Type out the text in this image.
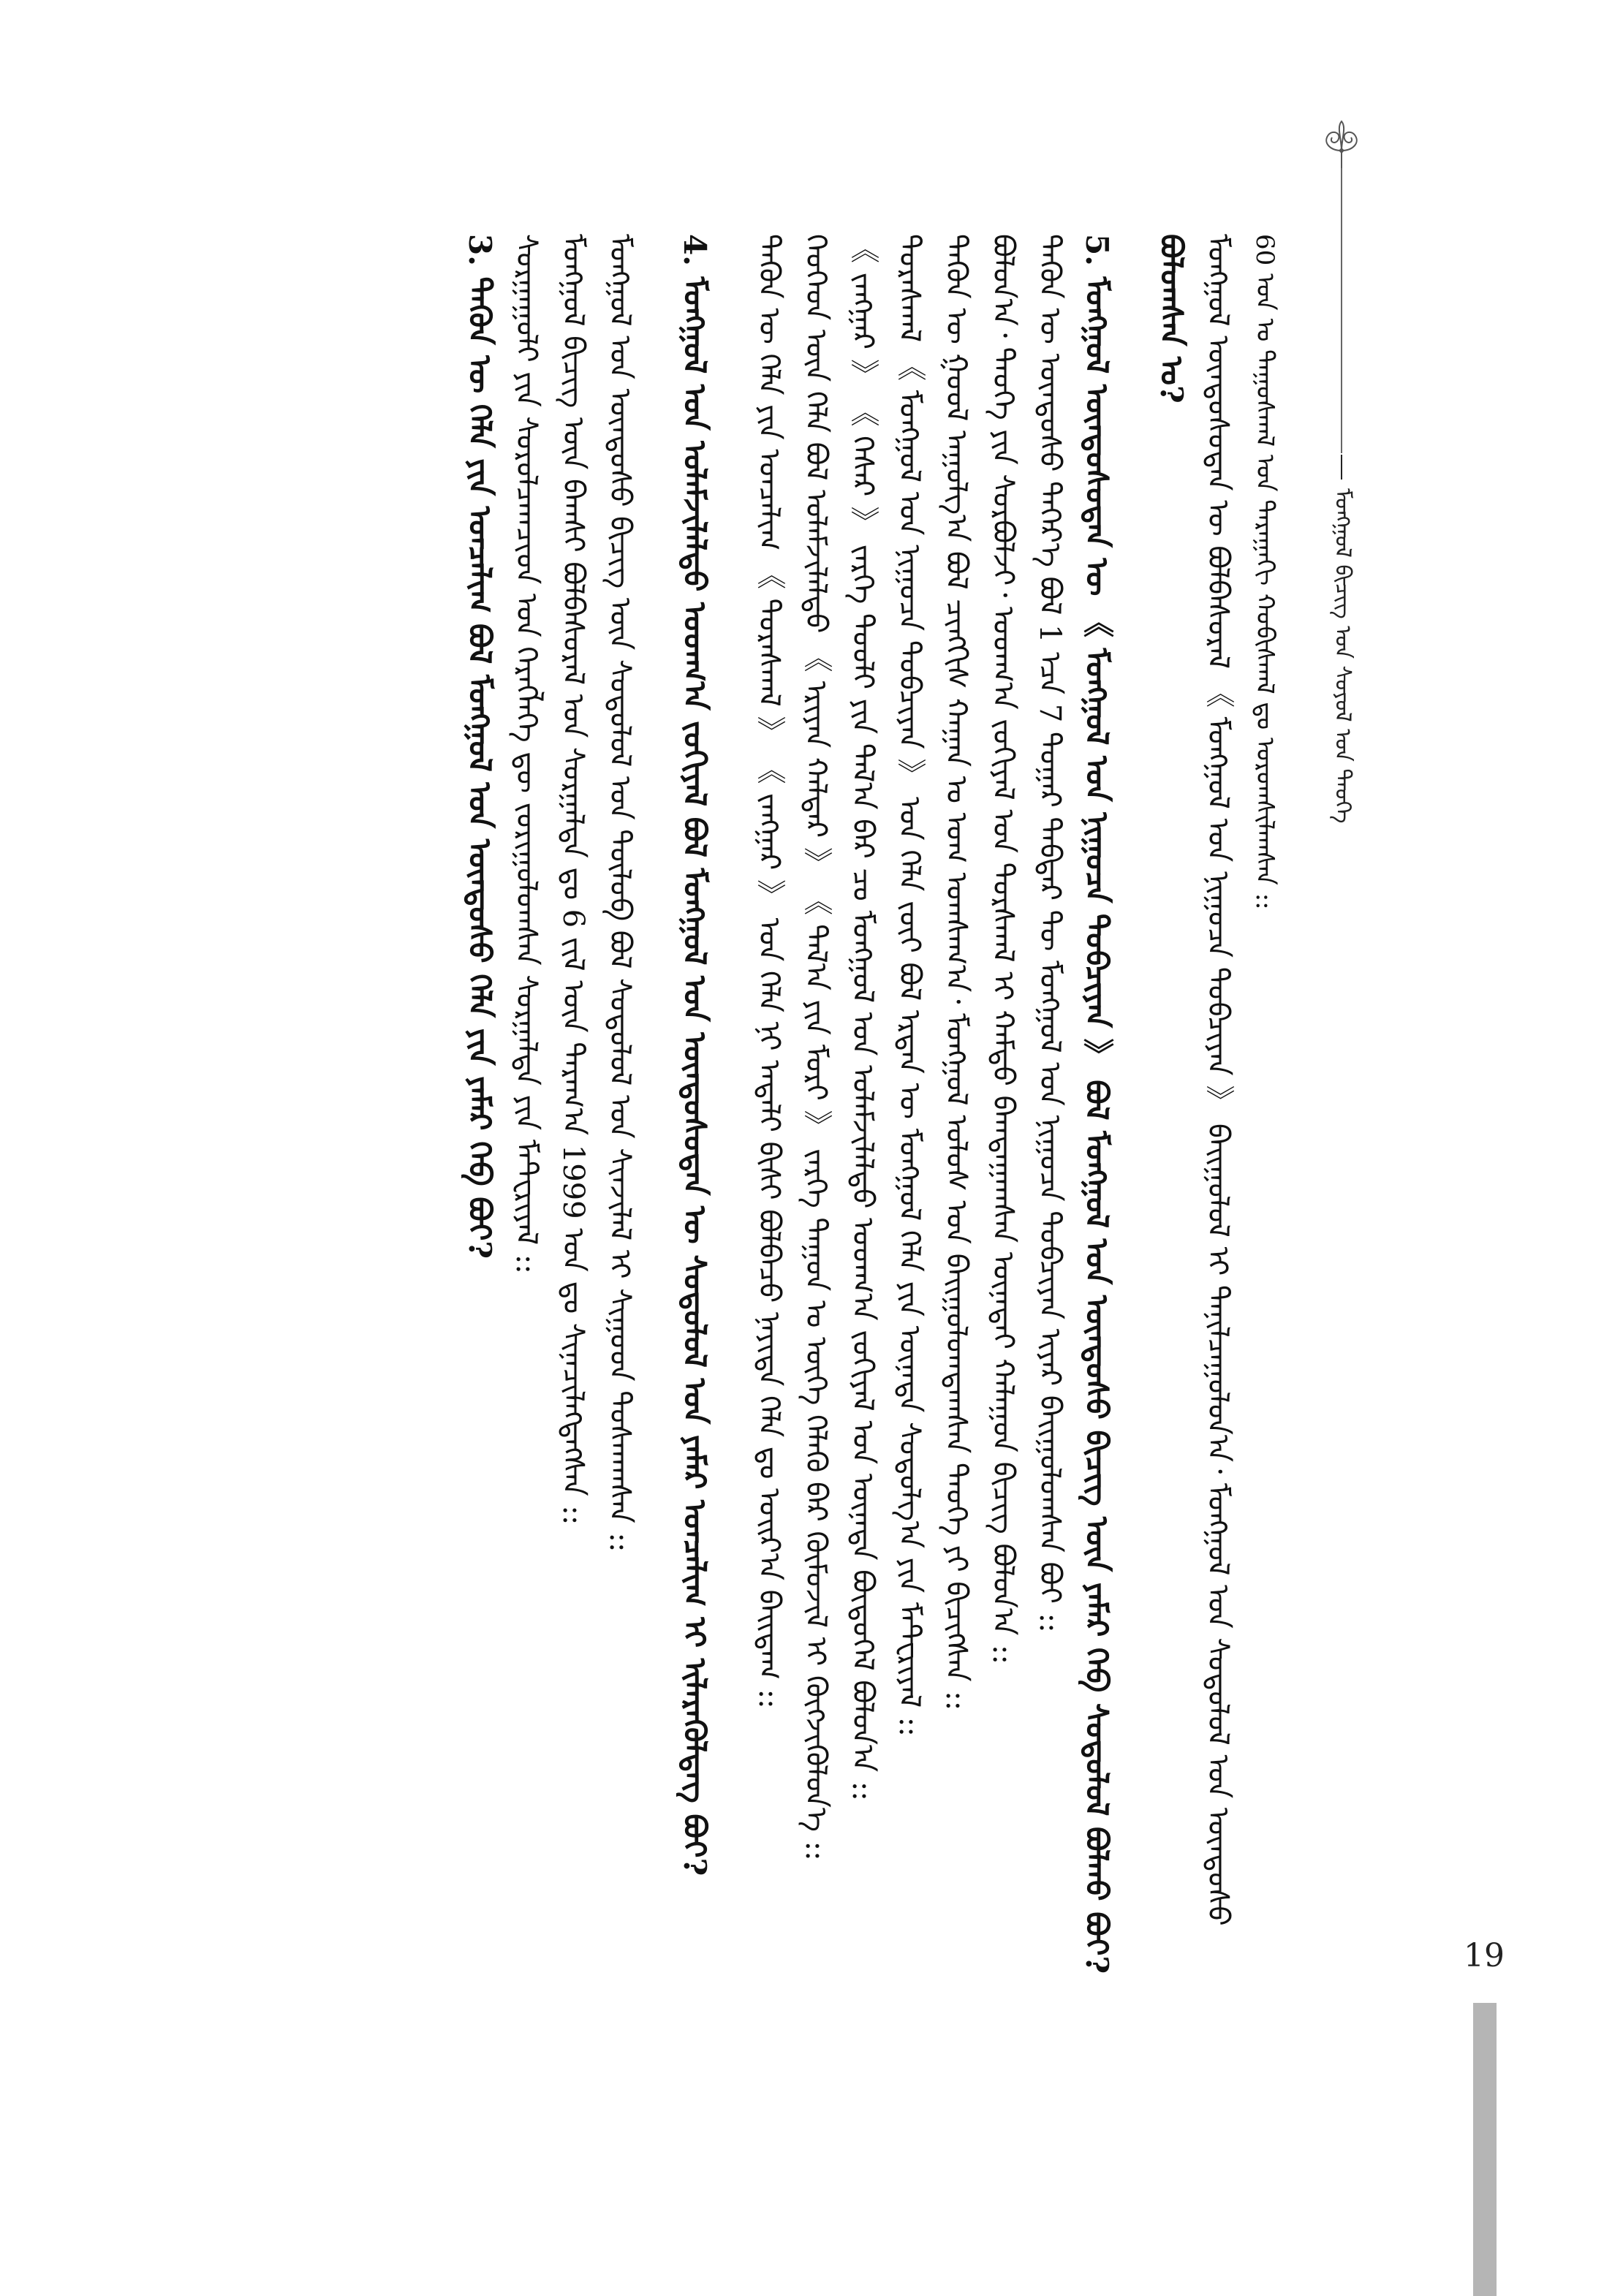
ᠮᠣᠩᠭᠣᠯ ᠪᠢᠴᠢᠭ᠌ ᠤᠨ ᠰᠣᠶᠣᠯ ᠤᠨ ᠲᠡᠦᠬᠡ
60 ᠣᠨ ᠤ ᠳᠠᠭᠤᠰᠬᠠᠯ ᠤᠨ ᠳᠠᠷᠠᠭᠠᠬᠢ ᠬᠤᠪᠢᠰᠬᠠᠯ ᠳᠤ ᠤᠷᠤᠭᠰᠢᠯᠠᠭᠰᠠᠨ ::
ᠮᠣᠩᠭᠣᠯ ᠦᠨᠳᠦᠰᠦᠲᠡᠨ ᠦ ᠪᠣᠯᠪᠠᠰᠤᠷᠠᠯ 《 ᠮᠣᠩᠭᠣᠯ ᠤᠨ ᠨᠢᠭᠤᠴᠠ ᠲᠣᠪᠴᠢᠶᠠᠨ 》 ᠪᠠᠢᠭᠤᠯᠤᠯ ᠢ ᠲᠠᠨᠢᠯᠴᠠᠭᠤᠯᠤᠨ᠎ᠠ᠂ ᠮᠣᠩᠭᠣᠯ ᠤᠨ ᠰᠤᠳᠤᠯᠤᠯ ᠤᠨ ᠦᠨᠳᠦᠰᠦ
ᠪᠣᠯᠣᠭᠰᠠᠨ ᠤ?
5. ᠮᠣᠩᠭᠣᠯ ᠦᠨᠳᠦᠰᠦᠲᠡᠨ ᠦ 《 ᠮᠣᠩᠭᠣᠯ ᠤᠨ ᠨᠢᠭᠤᠴᠠ ᠲᠣᠪᠴᠢᠶᠠᠨ 》 ᠪᠣᠯ ᠮᠣᠩᠭᠣᠯ ᠤᠨ ᠦᠨᠳᠦᠰᠦ ᠪᠢᠴᠢᠭ ᠦᠨ ᠶᠠᠮᠠᠷ ᠬᠡᠪ ᠰᠤᠳᠤᠯᠤᠯ ᠪᠣᠯᠬᠤ ᠪᠤᠢ?
ᠲᠡᠭᠦᠨ ᠦ ᠦᠨᠳᠦᠰᠦ ᠳᠡᠭᠡᠷ᠎ᠡ ᠪᠣᠯ 1 ᠡᠴᠡ 7 ᠳᠤᠭᠠᠷ ᠳᠡᠪᠲᠡᠷ ᠲᠦ ᠮᠣᠩᠭᠣᠯ ᠤᠨ ᠨᠢᠭᠤᠴᠠ ᠲᠣᠪᠴᠢᠶᠠᠨ ᠢᠶᠠᠷ ᠪᠠᠢᠭᠤᠯᠤᠭᠰᠠᠨ ᠪᠤᠢ ::
ᠪᠣᠯᠣᠨ᠎ᠠ᠂ ᠲᠡᠦᠬᠡ ᠶᠢᠨ ᠰᠤᠷᠪᠤᠯᠵᠢ᠂ ᠤᠳᠬ᠎ᠠ ᠵᠣᠬᠢᠶᠠᠯ ᠤᠨ ᠳᠤᠷᠰᠬᠠᠯ ᠢ ᠬᠠᠮᠲᠤ ᠪᠠᠭᠲᠠᠭᠠᠭᠰᠠᠨ ᠦᠨᠡᠳᠡᠢ ᠬᠠᠯᠠᠭᠤᠨ ᠪᠢᠴᠢᠭ ᠪᠣᠯᠤᠨ᠎ᠠ ::
ᠲᠡᠭᠦᠨ ᠦ ᠭᠣᠣᠯ ᠠᠭᠤᠯᠭ᠎ᠠ ᠪᠣᠯ ᠴᠢᠩᠭᠢᠰ ᠬᠠᠭᠠᠨ ᠤ ᠤᠭ ᠤᠭᠰᠠᠭ᠎ᠠ᠂ ᠮᠣᠩᠭᠣᠯ ᠤᠯᠤᠰ ᠤᠨ ᠪᠠᠢᠭᠤᠯᠤᠭᠳᠠᠭᠰᠠᠨ ᠲᠡᠦᠬᠡ ᠶᠢ ᠪᠢᠴᠢᠭᠰᠡᠨ ::
ᠳᠤᠷᠠᠰᠬᠠᠯ 《 ᠮᠣᠩᠭᠣᠯ ᠤᠨ ᠨᠢᠭᠤᠴᠠ ᠲᠣᠪᠴᠢᠶᠠᠨ 》 ᠤᠨ ᠬᠡᠯᠡ ᠵᠦᠢ ᠪᠣᠯ ᠡᠷᠲᠡᠨ ᠦ ᠮᠣᠩᠭᠣᠯ ᠬᠡᠯᠡ ᠶᠢᠨ ᠦᠨᠡᠲᠡ ᠰᠤᠳᠤᠯᠭ᠎ᠠ ᠶᠢᠨ ᠮᠠᠲ᠋ᠧᠷᠢᠶᠠᠯ ::
《 ᠵᠠᠩᠭᠠᠷ 》 《 ᠭᠡᠰᠡᠷ 》 ᠵᠡᠷᠭᠡ ᠲᠤᠤᠯᠢ ᠶᠢᠨ ᠲᠠᠯ᠎ᠠ ᠪᠠᠷ ᠴᠤ ᠮᠣᠩᠭᠣᠯ ᠤᠨ ᠤᠯᠠᠮᠵᠢᠯᠠᠯᠲᠤ ᠤᠳᠬ᠎ᠠ ᠵᠣᠬᠢᠶᠠᠯ ᠤᠨ ᠦᠨᠡᠲᠡ ᠪᠦᠲᠦᠭᠡᠯ ᠪᠣᠯᠤᠨ᠎ᠠ ::
ᠬᠡᠦᠬᠡᠳ ᠦᠨ ᠬᠡᠯᠡ ᠪᠣᠯ ᠤᠯᠠᠮᠵᠢᠯᠠᠯᠲᠤ 《 ᠡᠷᠢᠶᠡᠨ ᠬᠠᠯᠲᠠᠷ 》 《 ᠲᠠᠯ᠎ᠠ ᠶᠢᠨ ᠮᠣᠷᠢ 》 ᠵᠡᠷᠭᠡ ᠳᠠᠭᠤᠨ ᠤ ᠦᠭᠡ ᠬᠡᠯᠡᠬᠦ ᠪᠠᠷ ᠬᠦᠮᠦᠵᠢᠯ ᠢ ᠬᠥᠭᠵᠢᠭᠦᠯᠦᠨ᠎ᠡ ::
ᠲᠡᠭᠦᠨ ᠦ ᠬᠡᠯᠡ ᠶᠢᠨ ᠣᠨᠴᠠᠯᠢᠭ 《 ᠳᠤᠷᠠᠰᠬᠠᠯ 》 《 ᠵᠠᠩᠭᠠᠷ 》 ᠤᠨ ᠬᠡᠯᠡ ᠨᠢ ᠠᠳᠠᠯᠢ ᠪᠢᠰᠢ ᠪᠣᠯᠪᠠᠴᠤ ᠨᠡᠶᠢᠲᠡ ᠬᠡᠯᠡ ᠳᠤ ᠣᠢᠷ᠎ᠠ ᠪᠠᠢᠳᠠᠭ ::
4. ᠮᠣᠩᠭᠣᠯ ᠤᠨ ᠤᠯᠠᠮᠵᠢᠯᠠᠯᠲᠤ ᠤᠳᠬ᠎ᠠ ᠵᠣᠬᠢᠶᠠᠯ ᠪᠣᠯ ᠮᠣᠩᠭᠣᠯ ᠤᠨ ᠦᠨᠳᠦᠰᠦᠲᠡᠨ ᠦ ᠰᠤᠳᠤᠯᠤᠯ ᠤᠨ ᠶᠠᠮᠠᠷ ᠣᠨᠴᠠᠯᠢᠭ ᠢ ᠢᠯᠡᠷᠡᠭᠦᠯᠳᠡᠭ ᠪᠤᠢ?
ᠮᠣᠩᠭᠣᠯ ᠤᠨ ᠦᠨᠳᠦᠰᠦ ᠪᠢᠴᠢᠭ ᠦᠨ ᠰᠤᠳᠤᠯᠤᠯ ᠤᠨ ᠲᠥᠯᠥᠪ ᠪᠣᠯ ᠰᠤᠳᠤᠯᠤᠯ ᠤᠨ ᠰᠢᠨᠵᠢᠯᠡᠯ ᠢ ᠰᠢᠭᠤᠳ ᠲᠤᠰᠬᠠᠭᠰᠠᠨ ::
ᠮᠣᠩᠭᠣᠯ ᠪᠢᠴᠢᠭ ᠦᠨ ᠪᠠᠭᠰᠢ ᠪᠣᠯᠪᠠᠰᠤᠷᠠᠯ ᠤᠨ ᠰᠤᠷᠭᠠᠯᠲᠠ ᠳᠤ 6 ᠵᠢᠯ ᠦᠨ ᠳᠠᠷᠠᠭ᠎ᠠ 1999 ᠣᠨ ᠳᠤ ᠰᠢᠨᠡᠴᠢᠯᠡᠭᠳᠡᠭᠰᠡᠨ ::
ᠰᠤᠷᠭᠠᠭᠤᠯᠢ ᠶᠢᠨ ᠰᠤᠷᠤᠯᠴᠠᠭᠴᠢᠳ ᠤᠨ ᠬᠡᠷᠡᠭᠯᠡᠭᠡ ᠳᠦ ᠵᠣᠷᠢᠭᠤᠯᠤᠭᠰᠠᠨ ᠰᠤᠷᠭᠠᠯᠲᠠ ᠶᠢᠨ ᠮᠠᠲ᠋ᠧᠷᠢᠶᠠᠯ ::
3. ᠲᠡᠭᠦᠨ ᠦ ᠬᠡᠯᠡ ᠶᠢᠨ ᠣᠨᠴᠠᠯᠢᠭ ᠪᠣᠯ ᠮᠣᠩᠭᠣᠯ ᠤᠨ ᠦᠨᠳᠦᠰᠦ ᠬᠡᠯᠡ ᠶᠢᠨ ᠶᠠᠮᠠᠷ ᠬᠡᠪ ᠪᠤᠢ?
19
